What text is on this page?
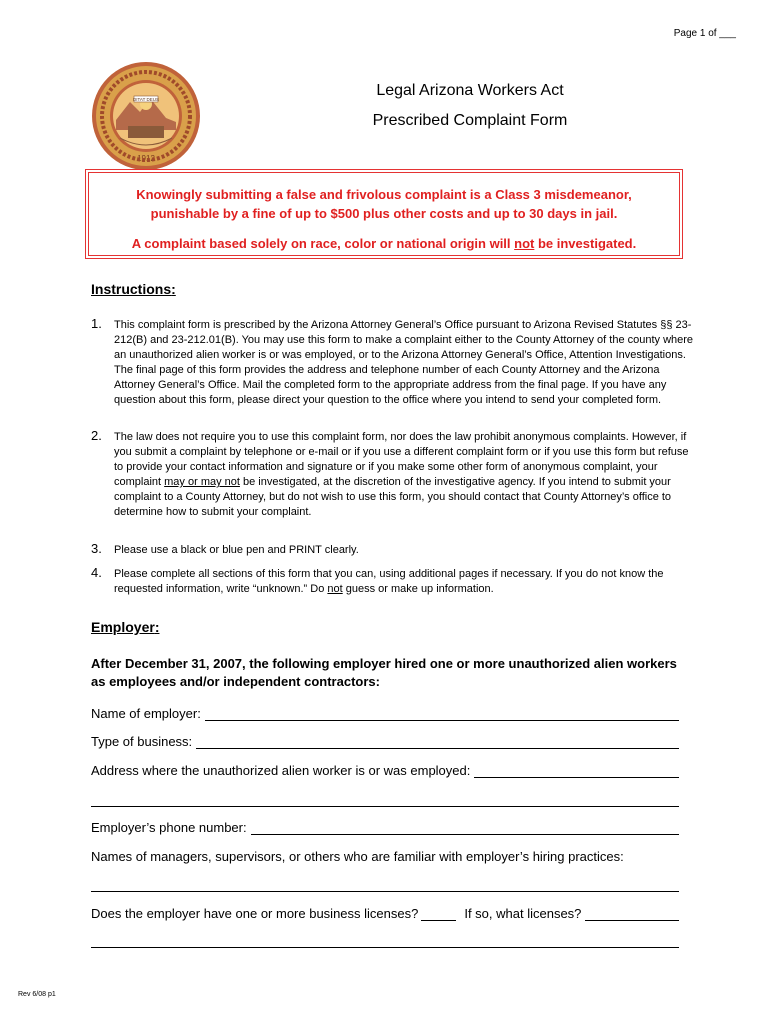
Page 1 of ___
DITAT DEUS
1912
Legal Arizona Workers Act
Prescribed Complaint Form
Knowingly submitting a false and frivolous complaint is a Class 3 misdemeanor,
punishable by a fine of up to $500 plus other costs and up to 30 days in jail.
A complaint based solely on race, color or national origin will not be investigated.
Instructions:
1. This complaint form is prescribed by the Arizona Attorney General’s Office pursuant to Arizona Revised Statutes §§ 23-212(B) and 23-212.01(B). You may use this form to make a complaint either to the County Attorney of the county where an unauthorized alien worker is or was employed, or to the Arizona Attorney General’s Office, Attention Investigations. The final page of this form provides the address and telephone number of each County Attorney and the Arizona Attorney General’s Office. Mail the completed form to the appropriate address from the final page. If you have any question about this form, please direct your question to the office where you intend to send your completed form.
2. The law does not require you to use this complaint form, nor does the law prohibit anonymous complaints. However, if you submit a complaint by telephone or e-mail or if you use a different complaint form or if you use this form but refuse to provide your contact information and signature or if you make some other form of anonymous complaint, your complaint may or may not be investigated, at the discretion of the investigative agency. If you intend to submit your complaint to a County Attorney, but do not wish to use this form, you should contact that County Attorney’s office to determine how to submit your complaint.
3. Please use a black or blue pen and PRINT clearly.
4. Please complete all sections of this form that you can, using additional pages if necessary. If you do not know the requested information, write “unknown.” Do not guess or make up information.
Employer:
After December 31, 2007, the following employer hired one or more unauthorized alien workers as employees and/or independent contractors:
Name of employer:
Type of business:
Address where the unauthorized alien worker is or was employed:
Employer’s phone number:
Names of managers, supervisors, or others who are familiar with employer’s hiring practices:
Does the employer have one or more business licenses?	If so, what licenses?
Rev 6/08 p1
